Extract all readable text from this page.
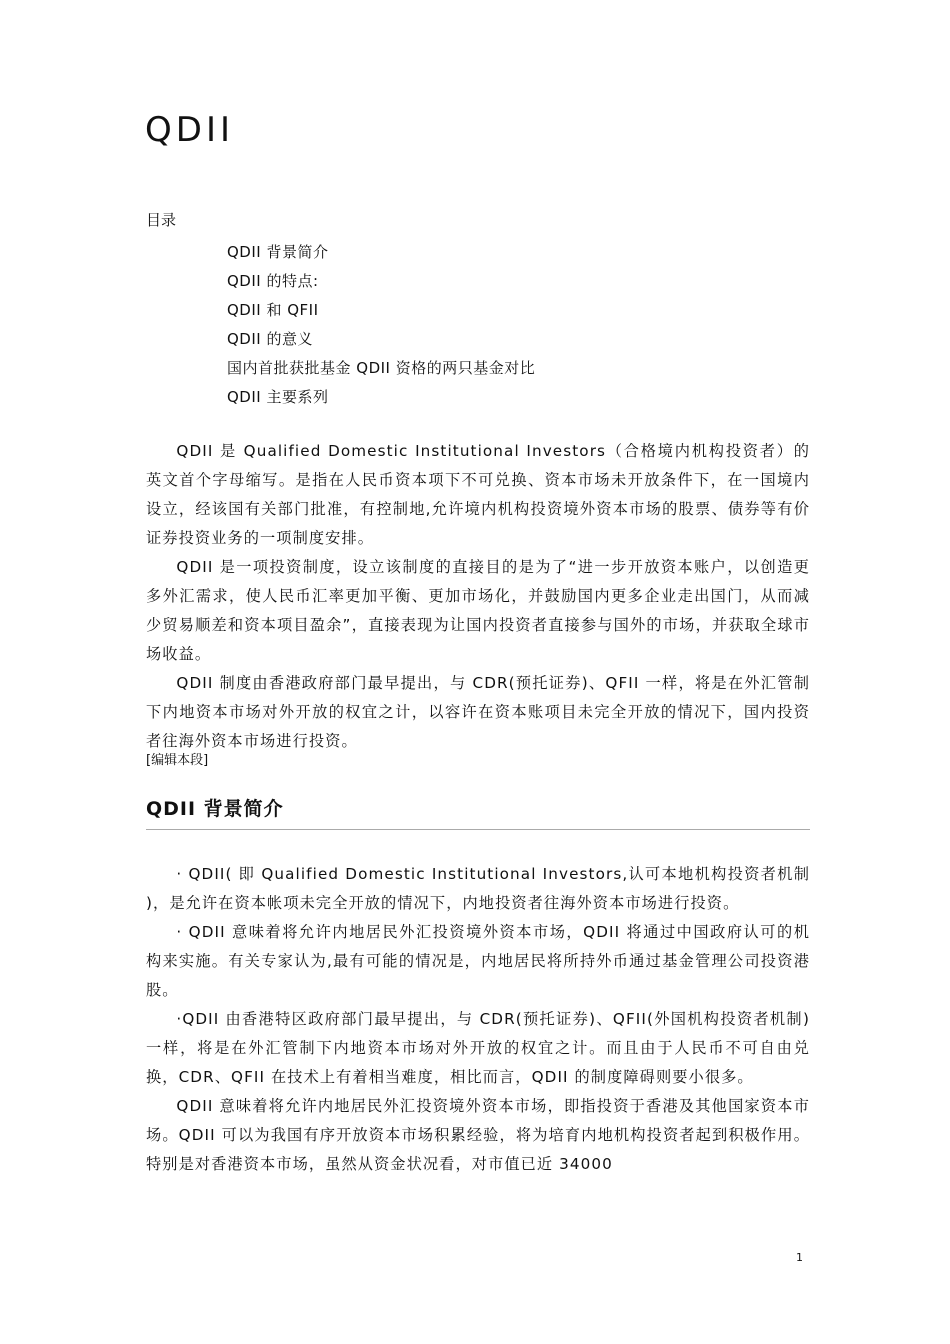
QDII
目录
QDII 背景简介
QDII 的特点:
QDII 和 QFII
QDII 的意义
国内首批获批基金 QDII 资格的两只基金对比
QDII 主要系列

QDII 是 Qualified Domestic Institutional Investors（合格境内机构投资者）的英文首个字母缩写。是指在人民币资本项下不可兑换、资本市场未开放条件下，在一国境内设立，经该国有关部门批准，有控制地,允许境内机构投资境外资本市场的股票、债券等有价证券投资业务的一项制度安排。

QDII 是一项投资制度，设立该制度的直接目的是为了“进一步开放资本账户，以创造更多外汇需求，使人民币汇率更加平衡、更加市场化，并鼓励国内更多企业走出国门，从而减少贸易顺差和资本项目盈余”，直接表现为让国内投资者直接参与国外的市场，并获取全球市场收益。

QDII 制度由香港政府部门最早提出，与 CDR(预托证券)、QFII 一样，将是在外汇管制下内地资本市场对外开放的权宜之计，以容许在资本账项目未完全开放的情况下，国内投资者往海外资本市场进行投资。

[编辑本段]
QDII 背景简介

· QDII( 即 Qualified Domestic Institutional Investors,认可本地机构投资者机制 )，是允许在资本帐项未完全开放的情况下，内地投资者往海外资本市场进行投资。

· QDII 意味着将允许内地居民外汇投资境外资本市场，QDII 将通过中国政府认可的机构来实施。有关专家认为,最有可能的情况是，内地居民将所持外币通过基金管理公司投资港股。

·QDII 由香港特区政府部门最早提出，与 CDR(预托证券)、QFII(外国机构投资者机制)一样，将是在外汇管制下内地资本市场对外开放的权宜之计。而且由于人民币不可自由兑换，CDR、QFII 在技术上有着相当难度，相比而言，QDII 的制度障碍则要小很多。

QDII 意味着将允许内地居民外汇投资境外资本市场，即指投资于香港及其他国家资本市场。QDII 可以为我国有序开放资本市场积累经验，将为培育内地机构投资者起到积极作用。特别是对香港资本市场，虽然从资金状况看，对市值已近 34000

1
